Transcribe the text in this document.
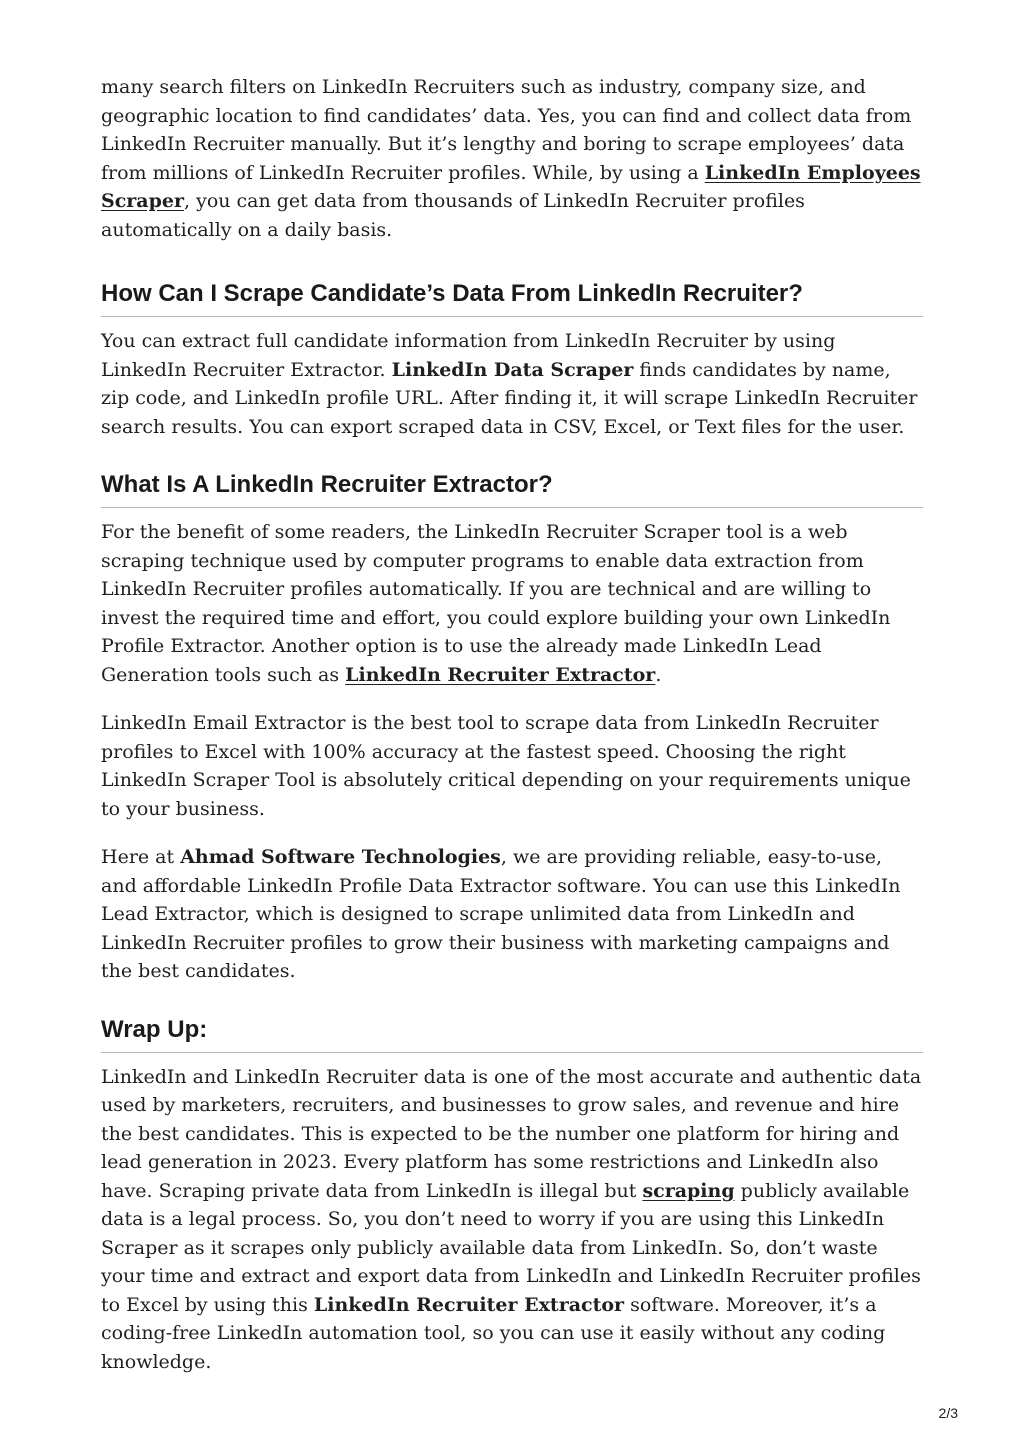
many search filters on LinkedIn Recruiters such as industry, company size, and geographic location to find candidates’ data. Yes, you can find and collect data from LinkedIn Recruiter manually. But it’s lengthy and boring to scrape employees’ data from millions of LinkedIn Recruiter profiles. While, by using a LinkedIn Employees Scraper, you can get data from thousands of LinkedIn Recruiter profiles automatically on a daily basis.

How Can I Scrape Candidate’s Data From LinkedIn Recruiter?

You can extract full candidate information from LinkedIn Recruiter by using LinkedIn Recruiter Extractor. LinkedIn Data Scraper finds candidates by name, zip code, and LinkedIn profile URL. After finding it, it will scrape LinkedIn Recruiter search results. You can export scraped data in CSV, Excel, or Text files for the user.

What Is A LinkedIn Recruiter Extractor?

For the benefit of some readers, the LinkedIn Recruiter Scraper tool is a web scraping technique used by computer programs to enable data extraction from LinkedIn Recruiter profiles automatically. If you are technical and are willing to invest the required time and effort, you could explore building your own LinkedIn Profile Extractor. Another option is to use the already made LinkedIn Lead Generation tools such as LinkedIn Recruiter Extractor.

LinkedIn Email Extractor is the best tool to scrape data from LinkedIn Recruiter profiles to Excel with 100% accuracy at the fastest speed. Choosing the right LinkedIn Scraper Tool is absolutely critical depending on your requirements unique to your business.

Here at Ahmad Software Technologies, we are providing reliable, easy-to-use, and affordable LinkedIn Profile Data Extractor software. You can use this LinkedIn Lead Extractor, which is designed to scrape unlimited data from LinkedIn and LinkedIn Recruiter profiles to grow their business with marketing campaigns and the best candidates.

Wrap Up:

LinkedIn and LinkedIn Recruiter data is one of the most accurate and authentic data used by marketers, recruiters, and businesses to grow sales, and revenue and hire the best candidates. This is expected to be the number one platform for hiring and lead generation in 2023. Every platform has some restrictions and LinkedIn also have. Scraping private data from LinkedIn is illegal but scraping publicly available data is a legal process. So, you don’t need to worry if you are using this LinkedIn Scraper as it scrapes only publicly available data from LinkedIn. So, don’t waste your time and extract and export data from LinkedIn and LinkedIn Recruiter profiles to Excel by using this LinkedIn Recruiter Extractor software. Moreover, it’s a coding-free LinkedIn automation tool, so you can use it easily without any coding knowledge.

2/3
